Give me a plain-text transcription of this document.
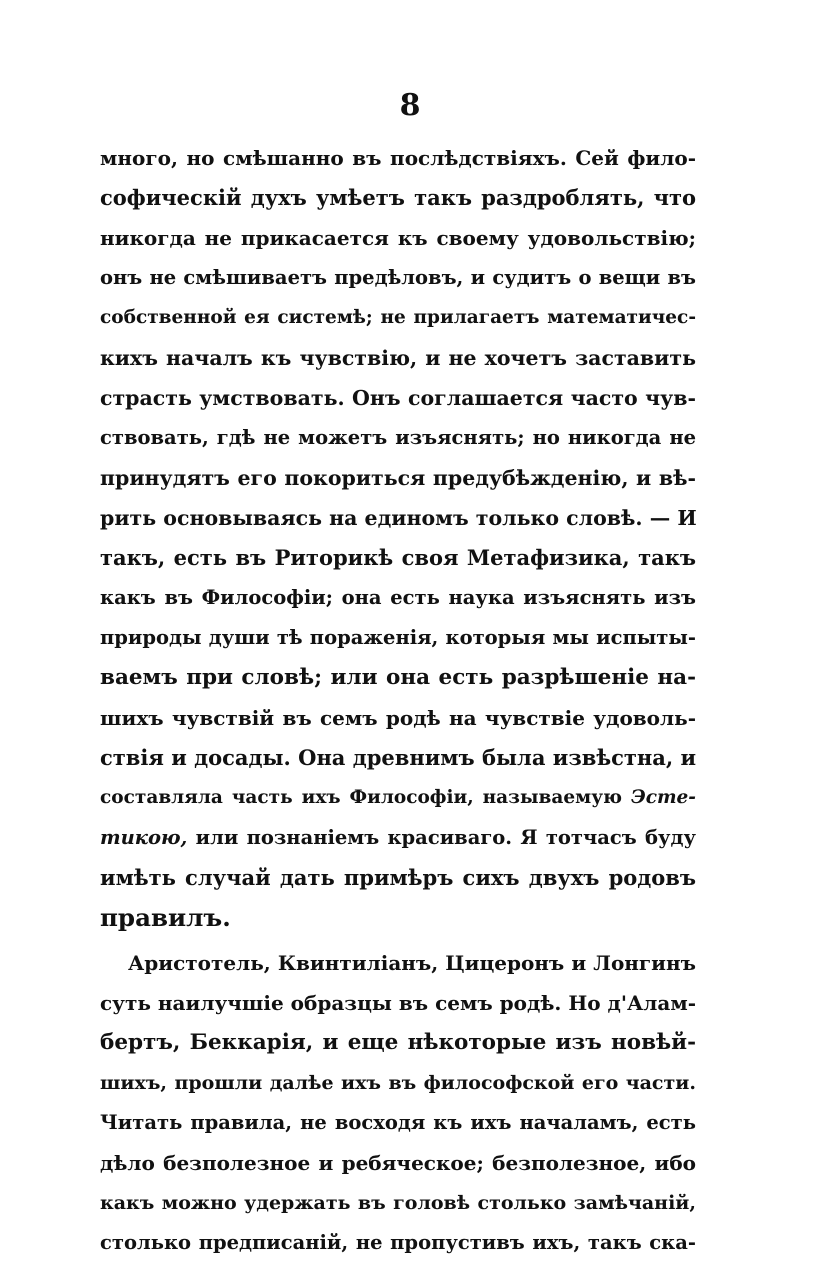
8
много, но смѣшанно въ послѣдствіяхъ. Сей фило-
софическій духъ умѣетъ такъ раздроблять, что
никогда не прикасается къ своему удовольствію;
онъ не смѣшиваетъ предѣловъ, и судитъ о вещи въ
собственной ея системѣ; не прилагаетъ математичес-
кихъ началъ къ чувствію, и не хочетъ заставить
страсть умствовать. Онъ соглашается часто чув-
ствовать, гдѣ не можетъ изъяснять; но никогда не
принудятъ его покориться предубѣжденію, и вѣ-
рить основываясь на единомъ только словѣ. — И
такъ, есть въ Риторикѣ своя Метафизика, такъ
какъ въ Философіи; она есть наука изъяснять изъ
природы души тѣ пораженія, которыя мы испыты-
ваемъ при словѣ; или она есть разрѣшеніе на-
шихъ чувствій въ семъ родѣ на чувствіе удоволь-
ствія и досады. Она древнимъ была извѣстна, и
составляла часть ихъ Философіи, называемую Эсте-
тикою, или познаніемъ красиваго. Я тотчасъ буду
имѣть случай дать примѣръ сихъ двухъ родовъ
правилъ.
Аристотель, Квинтиліанъ, Цицеронъ и Лонгинъ
суть наилучшіе образцы въ семъ родѣ. Но д'Алам-
бертъ, Беккарія, и еще нѣкоторые изъ новѣй-
шихъ, прошли далѣе ихъ въ философской его части.
Читать правила, не восходя къ ихъ началамъ, есть
дѣло безполезное и ребяческое; безполезное, ибо
какъ можно удержать въ головѣ столько замѣчаній,
столько предписаній, не пропустивъ ихъ, такъ ска-
